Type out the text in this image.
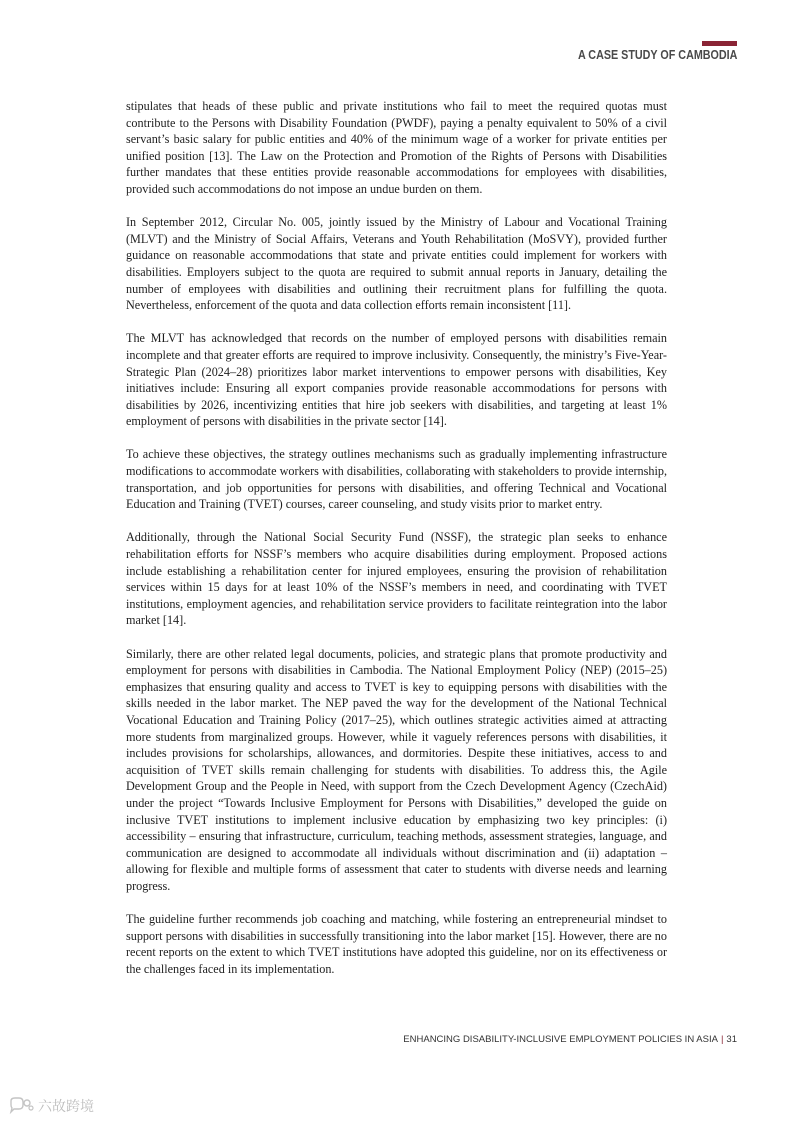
A CASE STUDY OF CAMBODIA

stipulates that heads of these public and private institutions who fail to meet the required quotas must contribute to the Persons with Disability Foundation (PWDF), paying a penalty equivalent to 50% of a civil servant’s basic salary for public entities and 40% of the minimum wage of a worker for private entities per unified position [13]. The Law on the Protection and Promotion of the Rights of Persons with Disabilities further mandates that these entities provide reasonable accommodations for employees with disabilities, provided such accommodations do not impose an undue burden on them.

In September 2012, Circular No. 005, jointly issued by the Ministry of Labour and Vocational Training (MLVT) and the Ministry of Social Affairs, Veterans and Youth Rehabilitation (MoSVY), provided further guidance on reasonable accommodations that state and private entities could implement for workers with disabilities. Employers subject to the quota are required to submit annual reports in January, detailing the number of employees with disabilities and outlining their recruitment plans for fulfilling the quota. Nevertheless, enforcement of the quota and data collection efforts remain inconsistent [11].

The MLVT has acknowledged that records on the number of employed persons with disabilities remain incomplete and that greater efforts are required to improve inclusivity. Consequently, the ministry’s Five-Year-Strategic Plan (2024–28) prioritizes labor market interventions to empower persons with disabilities, Key initiatives include: Ensuring all export companies provide reasonable accommodations for persons with disabilities by 2026, incentivizing entities that hire job seekers with disabilities, and targeting at least 1% employment of persons with disabilities in the private sector [14].

To achieve these objectives, the strategy outlines mechanisms such as gradually implementing infrastructure modifications to accommodate workers with disabilities, collaborating with stakeholders to provide internship, transportation, and job opportunities for persons with disabilities, and offering Technical and Vocational Education and Training (TVET) courses, career counseling, and study visits prior to market entry.

Additionally, through the National Social Security Fund (NSSF), the strategic plan seeks to enhance rehabilitation efforts for NSSF’s members who acquire disabilities during employment. Proposed actions include establishing a rehabilitation center for injured employees, ensuring the provision of rehabilitation services within 15 days for at least 10% of the NSSF’s members in need, and coordinating with TVET institutions, employment agencies, and rehabilitation service providers to facilitate reintegration into the labor market [14].

Similarly, there are other related legal documents, policies, and strategic plans that promote productivity and employment for persons with disabilities in Cambodia. The National Employment Policy (NEP) (2015–25) emphasizes that ensuring quality and access to TVET is key to equipping persons with disabilities with the skills needed in the labor market. The NEP paved the way for the development of the National Technical Vocational Education and Training Policy (2017–25), which outlines strategic activities aimed at attracting more students from marginalized groups. However, while it vaguely references persons with disabilities, it includes provisions for scholarships, allowances, and dormitories. Despite these initiatives, access to and acquisition of TVET skills remain challenging for students with disabilities. To address this, the Agile Development Group and the People in Need, with support from the Czech Development Agency (CzechAid) under the project “Towards Inclusive Employment for Persons with Disabilities,” developed the guide on inclusive TVET institutions to implement inclusive education by emphasizing two key principles: (i) accessibility – ensuring that infrastructure, curriculum, teaching methods, assessment strategies, language, and communication are designed to accommodate all individuals without discrimination and (ii) adaptation – allowing for flexible and multiple forms of assessment that cater to students with diverse needs and learning progress.

The guideline further recommends job coaching and matching, while fostering an entrepreneurial mindset to support persons with disabilities in successfully transitioning into the labor market [15]. However, there are no recent reports on the extent to which TVET institutions have adopted this guideline, nor on its effectiveness or the challenges faced in its implementation.

ENHANCING DISABILITY-INCLUSIVE EMPLOYMENT POLICIES IN ASIA | 31
六故跨境
